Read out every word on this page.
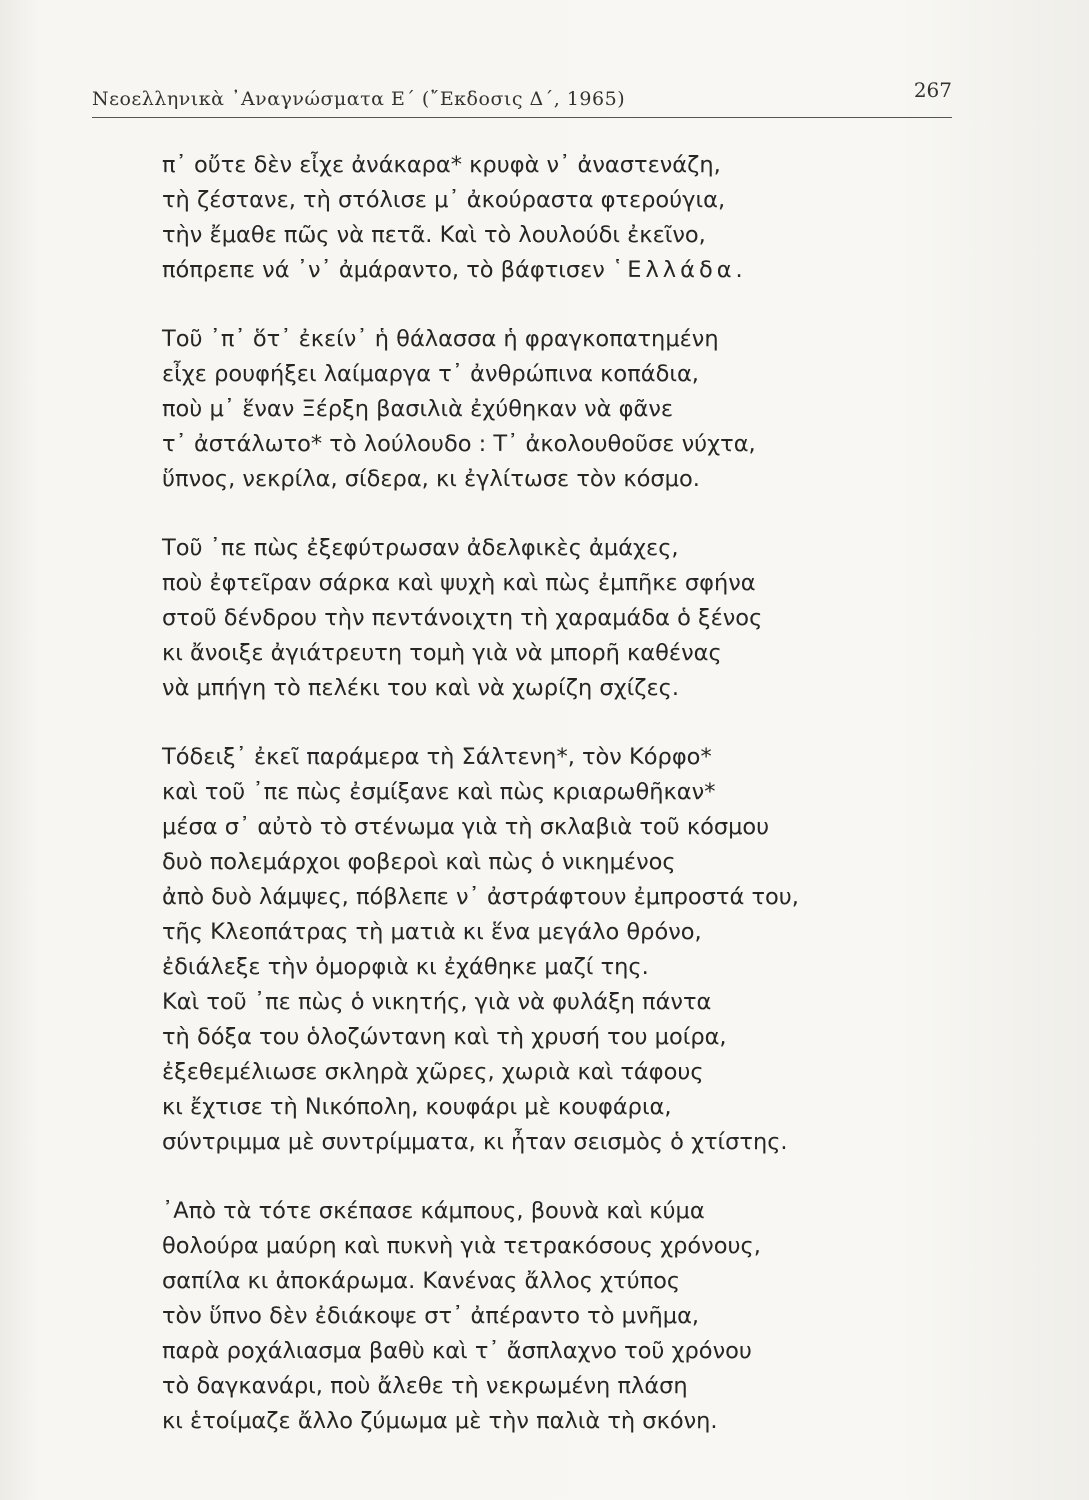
Νεοελληνικὰ ᾿Αναγνώσματα Ε΄ (῎Εκδοσις Δ΄, 1965)	267
π᾿ οὔτε δὲν εἶχε ἀνάκαρα* κρυφὰ ν᾿ ἀναστενάζη,
τὴ ζέστανε, τὴ στόλισε μ᾿ ἀκούραστα φτερούγια,
τὴν ἔμαθε πῶς νὰ πετᾶ. Καὶ τὸ λουλούδι ἐκεῖνο,
πόπρεπε νά ᾿ν᾿ ἀμάραντο, τὸ βάφτισεν ῾Ελλάδα.
Τοῦ ᾿π᾿ ὅτ᾿ ἐκείν᾿ ἡ θάλασσα ἡ φραγκοπατημένη
εἶχε ρουφήξει λαίμαργα τ᾿ ἀνθρώπινα κοπάδια,
ποὺ μ᾿ ἕναν Ξέρξη βασιλιὰ ἐχύθηκαν νὰ φᾶνε
τ᾿ ἀστάλωτο* τὸ λούλουδο : Τ᾿ ἀκολουθοῦσε νύχτα,
ὕπνος, νεκρίλα, σίδερα, κι ἐγλίτωσε τὸν κόσμο.
Τοῦ ᾿πε πὼς ἐξεφύτρωσαν ἀδελφικὲς ἀμάχες,
ποὺ ἐφτεῖραν σάρκα καὶ ψυχὴ καὶ πὼς ἐμπῆκε σφήνα
στοῦ δένδρου τὴν πεντάνοιχτη τὴ χαραμάδα ὁ ξένος
κι ἄνοιξε ἀγιάτρευτη τομὴ γιὰ νὰ μπορῆ καθένας
νὰ μπήγη τὸ πελέκι του καὶ νὰ χωρίζη σχίζες.
Τόδειξ᾿ ἐκεῖ παράμερα τὴ Σάλτενη*, τὸν Κόρφο*
καὶ τοῦ ᾿πε πὼς ἐσμίξανε καὶ πὼς κριαρωθῆκαν*
μέσα σ᾿ αὐτὸ τὸ στένωμα γιὰ τὴ σκλαβιὰ τοῦ κόσμου
δυὸ πολεμάρχοι φοβεροὶ καὶ πὼς ὁ νικημένος
ἀπὸ δυὸ λάμψες, πόβλεπε ν᾿ ἀστράφτουν ἐμπροστά του,
τῆς Κλεοπάτρας τὴ ματιὰ κι ἕνα μεγάλο θρόνο,
ἐδιάλεξε τὴν ὀμορφιὰ κι ἐχάθηκε μαζί της.
Καὶ τοῦ ᾿πε πὼς ὁ νικητής, γιὰ νὰ φυλάξη πάντα
τὴ δόξα του ὁλοζώντανη καὶ τὴ χρυσή του μοίρα,
ἐξεθεμέλιωσε σκληρὰ χῶρες, χωριὰ καὶ τάφους
κι ἔχτισε τὴ Νικόπολη, κουφάρι μὲ κουφάρια,
σύντριμμα μὲ συντρίμματα, κι ἦταν σεισμὸς ὁ χτίστης.
᾿Απὸ τὰ τότε σκέπασε κάμπους, βουνὰ καὶ κύμα
θολούρα μαύρη καὶ πυκνὴ γιὰ τετρακόσους χρόνους,
σαπίλα κι ἀποκάρωμα. Κανένας ἄλλος χτύπος
τὸν ὕπνο δὲν ἐδιάκοψε στ᾿ ἀπέραντο τὸ μνῆμα,
παρὰ ροχάλιασμα βαθὺ καὶ τ᾿ ἄσπλαχνο τοῦ χρόνου
τὸ δαγκανάρι, ποὺ ἄλεθε τὴ νεκρωμένη πλάση
κι ἑτοίμαζε ἄλλο ζύμωμα μὲ τὴν παλιὰ τὴ σκόνη.
